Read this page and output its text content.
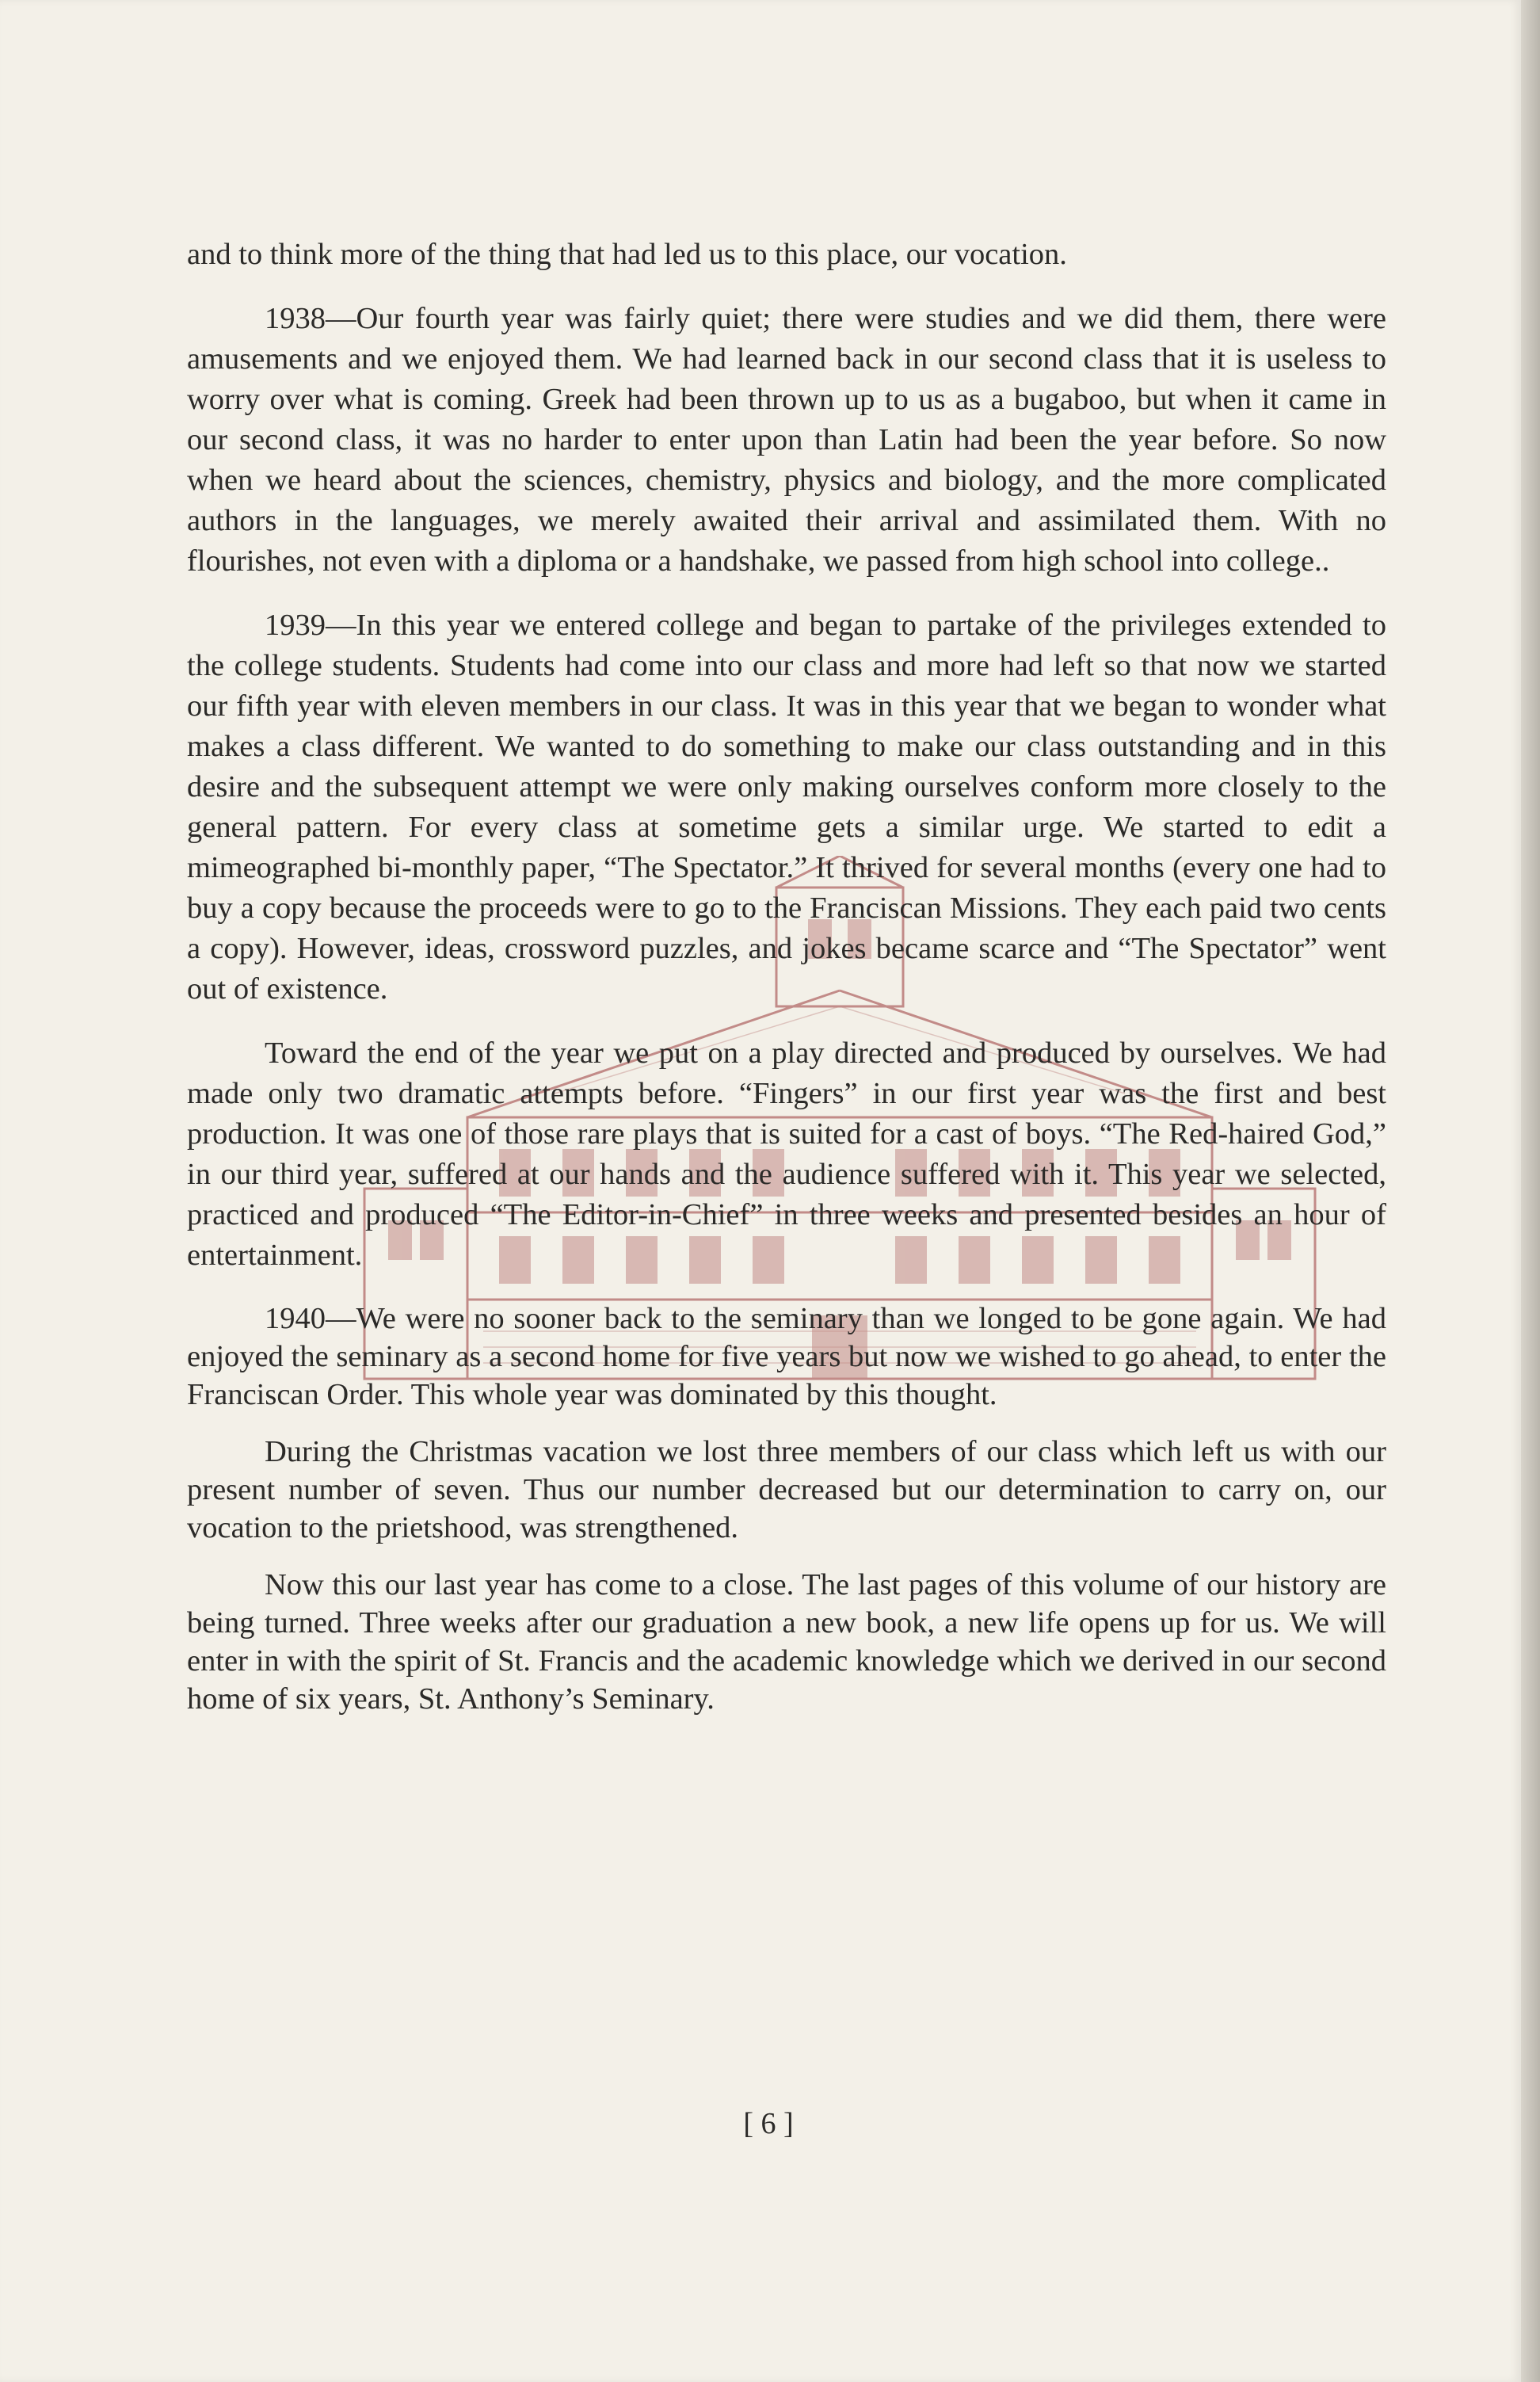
and to think more of the thing that had led us to this place, our vocation.

1938—Our fourth year was fairly quiet; there were studies and we did them, there were amusements and we enjoyed them. We had learned back in our second class that it is useless to worry over what is coming. Greek had been thrown up to us as a bugaboo, but when it came in our second class, it was no harder to enter upon than Latin had been the year before. So now when we heard about the sciences, chemistry, physics and biology, and the more complicated authors in the languages, we merely awaited their arrival and assimilated them. With no flourishes, not even with a diploma or a handshake, we passed from high school into college..

1939—In this year we entered college and began to partake of the privileges extended to the college students. Students had come into our class and more had left so that now we started our fifth year with eleven members in our class. It was in this year that we began to wonder what makes a class different. We wanted to do something to make our class outstanding and in this desire and the subsequent attempt we were only making ourselves conform more closely to the general pattern. For every class at sometime gets a similar urge. We started to edit a mimeographed bi-monthly paper, “The Spectator.” It thrived for several months (every one had to buy a copy because the proceeds were to go to the Franciscan Missions. They each paid two cents a copy). However, ideas, crossword puzzles, and jokes became scarce and “The Spectator” went out of existence.

Toward the end of the year we put on a play directed and produced by ourselves. We had made only two dramatic attempts before. “Fingers” in our first year was the first and best production. It was one of those rare plays that is suited for a cast of boys. “The Red-haired God,” in our third year, suffered at our hands and the audience suffered with it. This year we selected, practiced and produced “The Editor-in-Chief” in three weeks and presented besides an hour of entertainment.

1940—We were no sooner back to the seminary than we longed to be gone again. We had enjoyed the seminary as a second home for five years but now we wished to go ahead, to enter the Franciscan Order. This whole year was dominated by this thought.

During the Christmas vacation we lost three members of our class which left us with our present number of seven. Thus our number decreased but our determination to carry on, our vocation to the prietshood, was strengthened.

Now this our last year has come to a close. The last pages of this volume of our history are being turned. Three weeks after our graduation a new book, a new life opens up for us. We will enter in with the spirit of St. Francis and the academic knowledge which we derived in our second home of six years, St. Anthony’s Seminary.

[ 6 ]
